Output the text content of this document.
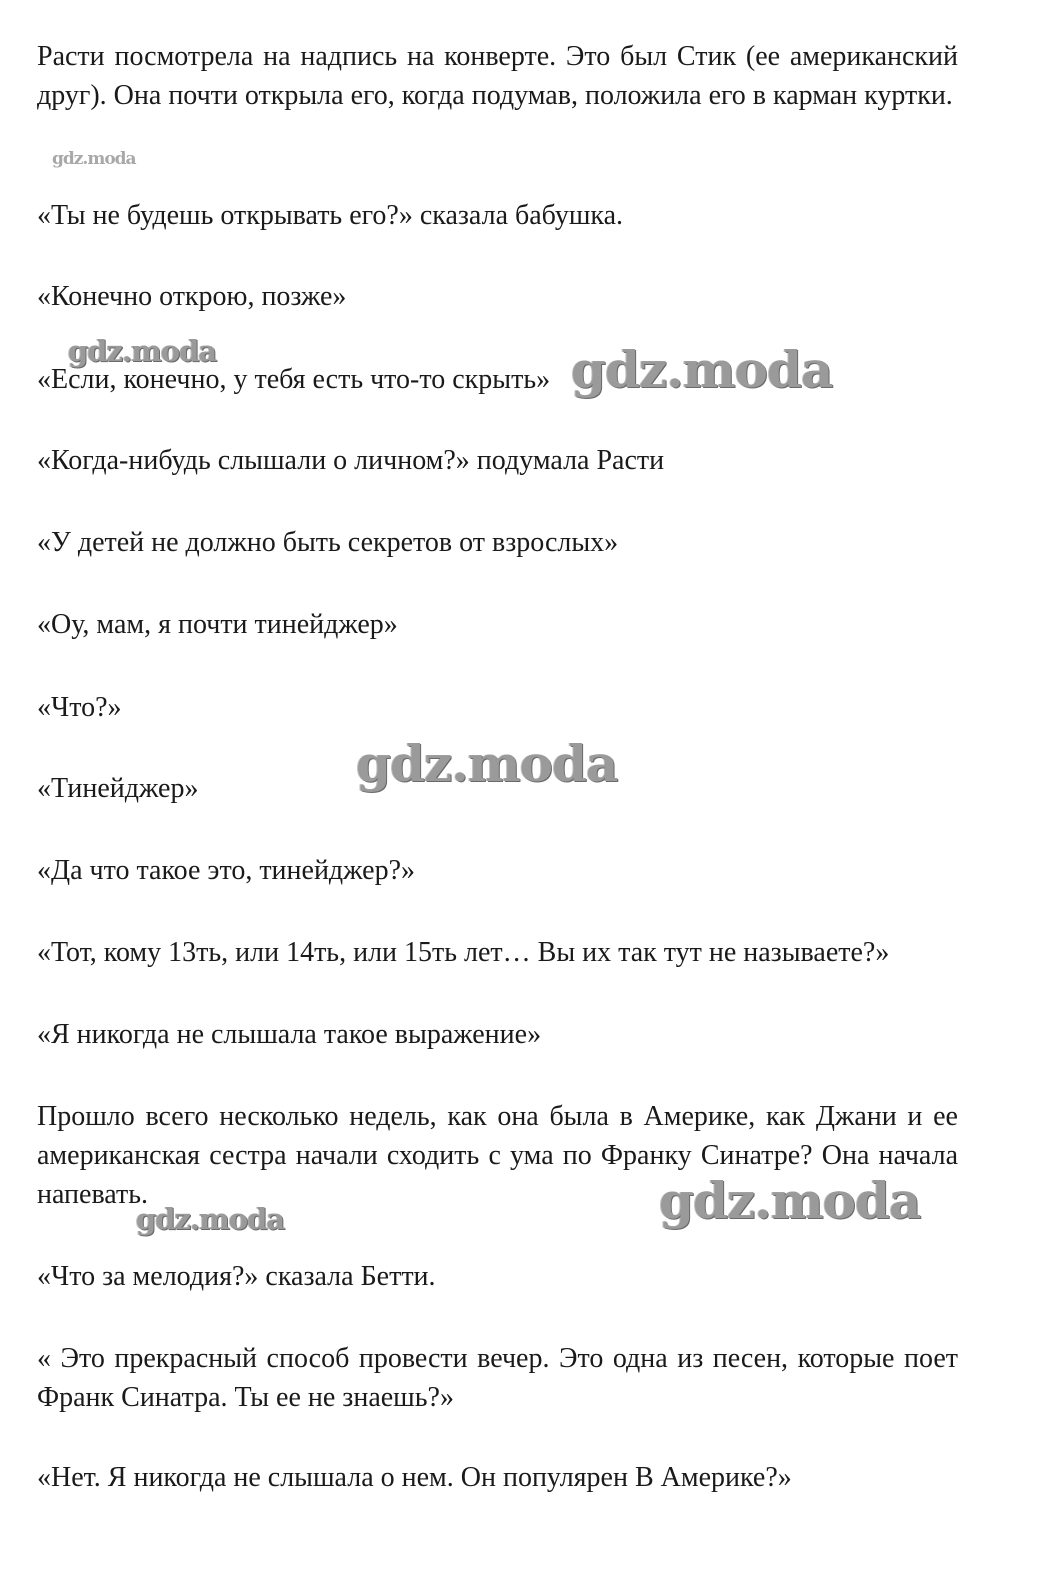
Расти посмотрела на надпись на конверте. Это был Стик (ее американский друг). Она почти открыла его, когда подумав, положила его в карман куртки.

«Ты не будешь открывать его?» сказала бабушка.

«Конечно открою, позже»

«Если, конечно, у тебя есть что-то скрыть»

«Когда-нибудь слышали о личном?» подумала Расти

«У детей не должно быть секретов от взрослых»

«Оу, мам, я почти тинейджер»

«Что?»

«Тинейджер»

«Да что такое это, тинейджер?»

«Тот, кому 13ть, или 14ть, или 15ть лет… Вы их так тут не называете?»

«Я никогда не слышала такое выражение»

Прошло всего несколько недель, как она была в Америке, как Джани и ее американская сестра начали сходить с ума по Франку Синатре? Она начала напевать.

«Что за мелодия?» сказала Бетти.

« Это прекрасный способ провести вечер. Это одна из песен, которые поет Франк Синатра. Ты ее не знаешь?»

«Нет. Я никогда не слышала о нем. Он популярен В Америке?»

gdz.moda
gdz.moda	gdz.moda
gdz.moda
gdz.moda
gdz.moda
